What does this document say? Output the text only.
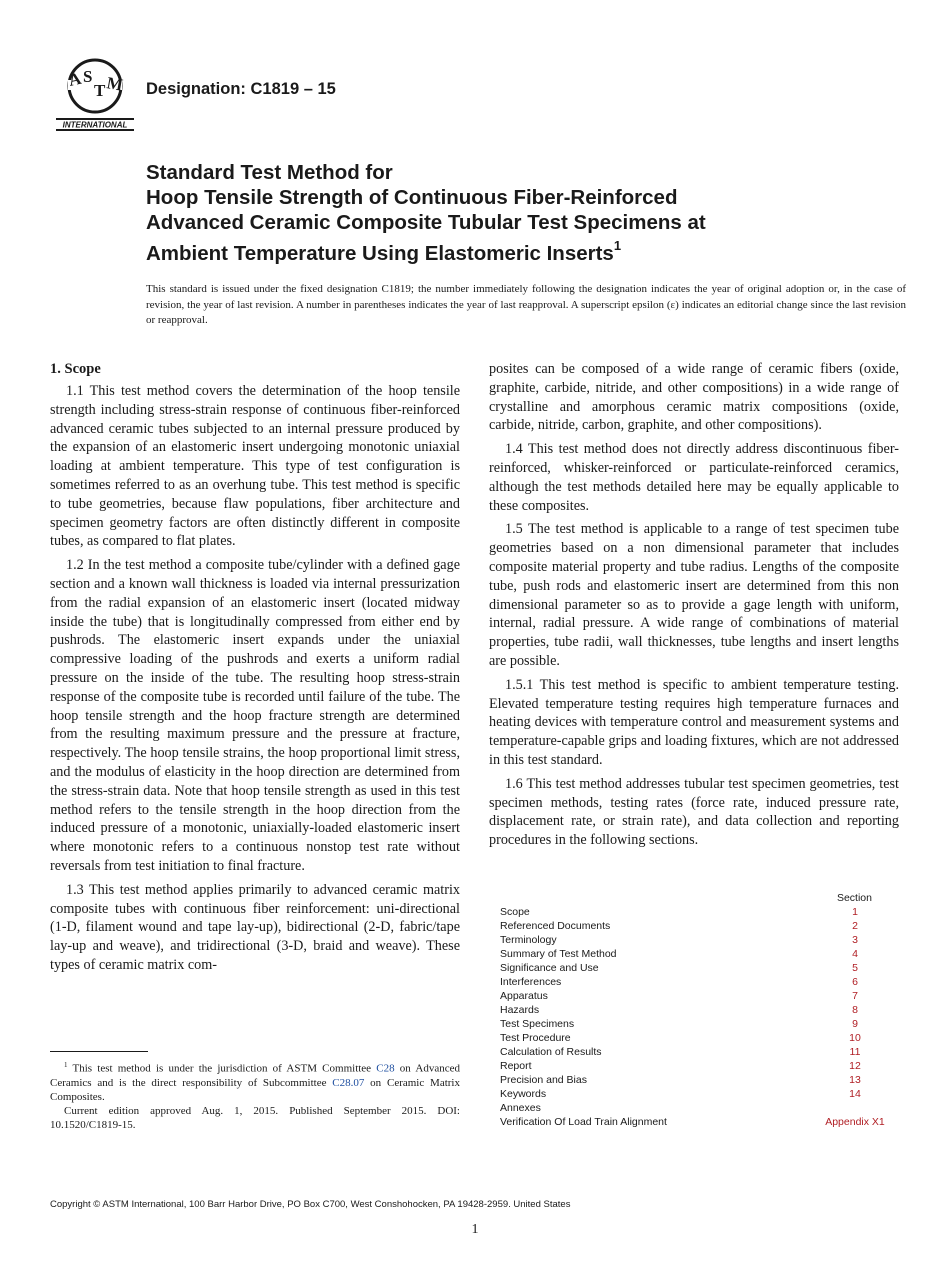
A S
T M
INTERNATIONAL
Designation: C1819 – 15
Standard Test Method for
Hoop Tensile Strength of Continuous Fiber-Reinforced
Advanced Ceramic Composite Tubular Test Specimens at
Ambient Temperature Using Elastomeric Inserts$^1$
This standard is issued under the fixed designation C1819; the number immediately following the designation indicates the year of original adoption or, in the case of revision, the year of last revision. A number in parentheses indicates the year of last reapproval. A superscript epsilon (ε) indicates an editorial change since the last revision or reapproval.
1. Scope

1.1 This test method covers the determination of the hoop tensile strength including stress-strain response of continuous fiber-reinforced advanced ceramic tubes subjected to an internal pressure produced by the expansion of an elastomeric insert undergoing monotonic uniaxial loading at ambient temperature. This type of test configuration is sometimes referred to as an overhung tube. This test method is specific to tube geometries, because flaw populations, fiber architecture and specimen geometry factors are often distinctly different in composite tubes, as compared to flat plates.

1.2 In the test method a composite tube/cylinder with a defined gage section and a known wall thickness is loaded via internal pressurization from the radial expansion of an elastomeric insert (located midway inside the tube) that is longitudinally compressed from either end by pushrods. The elastomeric insert expands under the uniaxial compressive loading of the pushrods and exerts a uniform radial pressure on the inside of the tube. The resulting hoop stress-strain response of the composite tube is recorded until failure of the tube. The hoop tensile strength and the hoop fracture strength are determined from the resulting maximum pressure and the pressure at fracture, respectively. The hoop tensile strains, the hoop proportional limit stress, and the modulus of elasticity in the hoop direction are determined from the stress-strain data. Note that hoop tensile strength as used in this test method refers to the tensile strength in the hoop direction from the induced pressure of a monotonic, uniaxially-loaded elastomeric insert where monotonic refers to a continuous nonstop test rate without reversals from test initiation to final fracture.

1.3 This test method applies primarily to advanced ceramic matrix composite tubes with continuous fiber reinforcement: uni-directional (1-D, filament wound and tape lay-up), bidirectional (2-D, fabric/tape lay-up and weave), and tridirectional (3-D, braid and weave). These types of ceramic matrix com-

$^1$ This test method is under the jurisdiction of ASTM Committee C28 on Advanced Ceramics and is the direct responsibility of Subcommittee C28.07 on Ceramic Matrix Composites.

Current edition approved Aug. 1, 2015. Published September 2015. DOI: 10.1520/C1819-15.

posites can be composed of a wide range of ceramic fibers (oxide, graphite, carbide, nitride, and other compositions) in a wide range of crystalline and amorphous ceramic matrix compositions (oxide, carbide, nitride, carbon, graphite, and other compositions).

1.4 This test method does not directly address discontinuous fiber-reinforced, whisker-reinforced or particulate-reinforced ceramics, although the test methods detailed here may be equally applicable to these composites.

1.5 The test method is applicable to a range of test specimen tube geometries based on a non dimensional parameter that includes composite material property and tube radius. Lengths of the composite tube, push rods and elastomeric insert are determined from this non dimensional parameter so as to provide a gage length with uniform, internal, radial pressure. A wide range of combinations of material properties, tube radii, wall thicknesses, tube lengths and insert lengths are possible.

1.5.1 This test method is specific to ambient temperature testing. Elevated temperature testing requires high temperature furnaces and heating devices with temperature control and measurement systems and temperature-capable grips and loading fixtures, which are not addressed in this test standard.

1.6 This test method addresses tubular test specimen geometries, test specimen methods, testing rates (force rate, induced pressure rate, displacement rate, or strain rate), and data collection and reporting procedures in the following sections.

Section
Scope	1
Referenced Documents	2
Terminology	3
Summary of Test Method	4
Significance and Use	5
Interferences	6
Apparatus	7
Hazards	8
Test Specimens	9
Test Procedure	10
Calculation of Results	11
Report	12
Precision and Bias	13
Keywords	14
Annexes
Verification Of Load Train Alignment	Appendix X1
Copyright © ASTM International, 100 Barr Harbor Drive, PO Box C700, West Conshohocken, PA 19428-2959. United States
1
